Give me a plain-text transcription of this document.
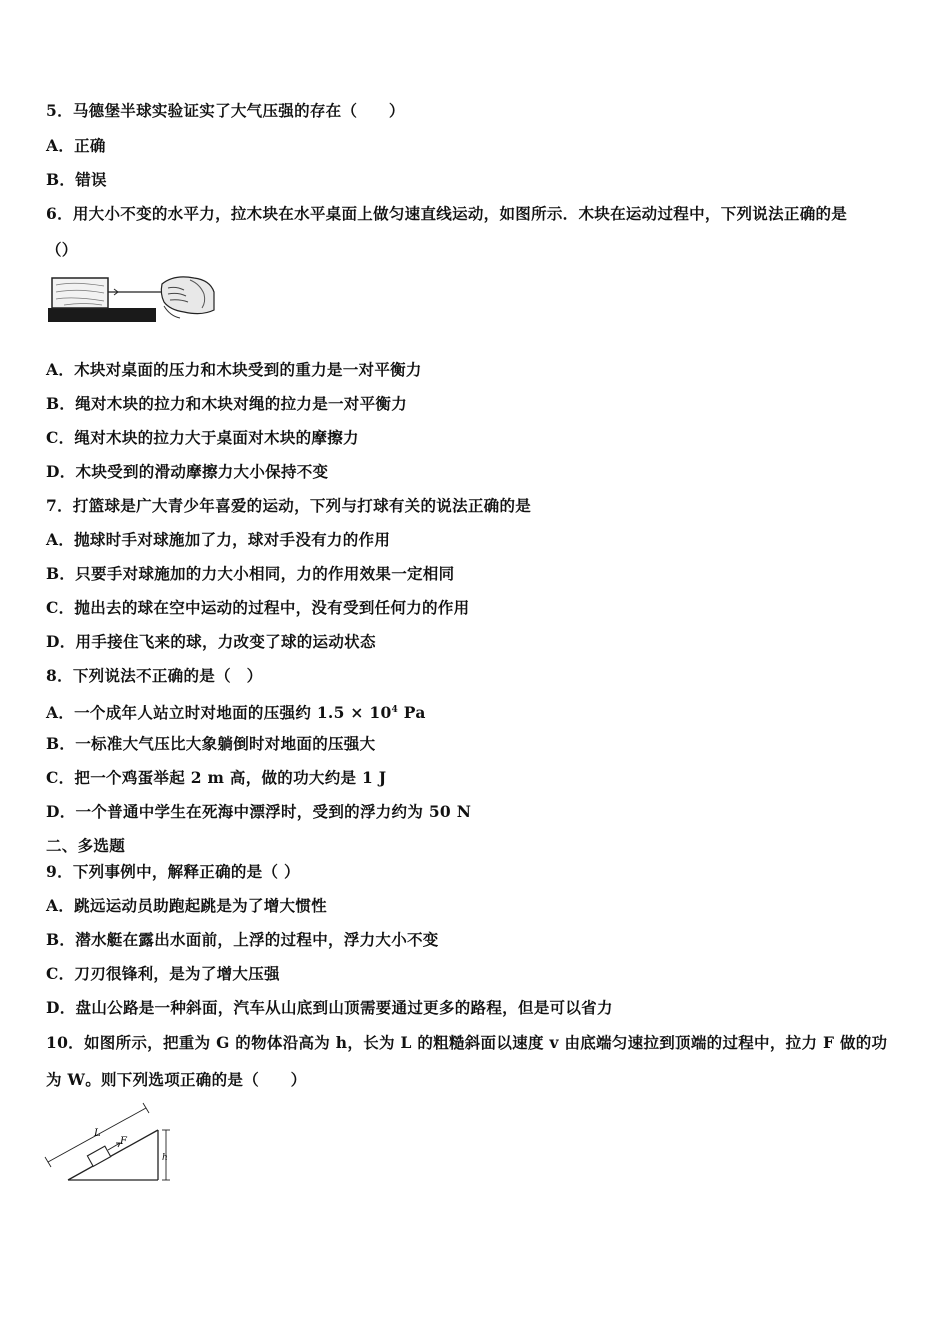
5．马德堡半球实验证实了大气压强的存在（　　）
A．正确
B．错误
6．用大小不变的水平力，拉木块在水平桌面上做匀速直线运动，如图所示．木块在运动过程中，下列说法正确的是
（）
A．木块对桌面的压力和木块受到的重力是一对平衡力
B．绳对木块的拉力和木块对绳的拉力是一对平衡力
C．绳对木块的拉力大于桌面对木块的摩擦力
D．木块受到的滑动摩擦力大小保持不变
7．打篮球是广大青少年喜爱的运动，下列与打球有关的说法正确的是
A．抛球时手对球施加了力，球对手没有力的作用
B．只要手对球施加的力大小相同，力的作用效果一定相同
C．抛出去的球在空中运动的过程中，没有受到任何力的作用
D．用手接住飞来的球，力改变了球的运动状态
8．下列说法不正确的是（　）
A．一个成年人站立时对地面的压强约 $1.5 \times 10^4$ Pa
B．一标准大气压比大象躺倒时对地面的压强大
C．把一个鸡蛋举起 2 m 高，做的功大约是 1 J
D．一个普通中学生在死海中漂浮时，受到的浮力约为 50 N
二、多选题
9．下列事例中，解释正确的是（ ）
A．跳远运动员助跑起跳是为了增大惯性
B．潜水艇在露出水面前，上浮的过程中，浮力大小不变
C．刀刃很锋利，是为了增大压强
D．盘山公路是一种斜面，汽车从山底到山顶需要通过更多的路程，但是可以省力
10．如图所示，把重为 G 的物体沿高为 h，长为 L 的粗糙斜面以速度 v 由底端匀速拉到顶端的过程中，拉力 F 做的功
为 W。则下列选项正确的是（　　）
L
F
h
